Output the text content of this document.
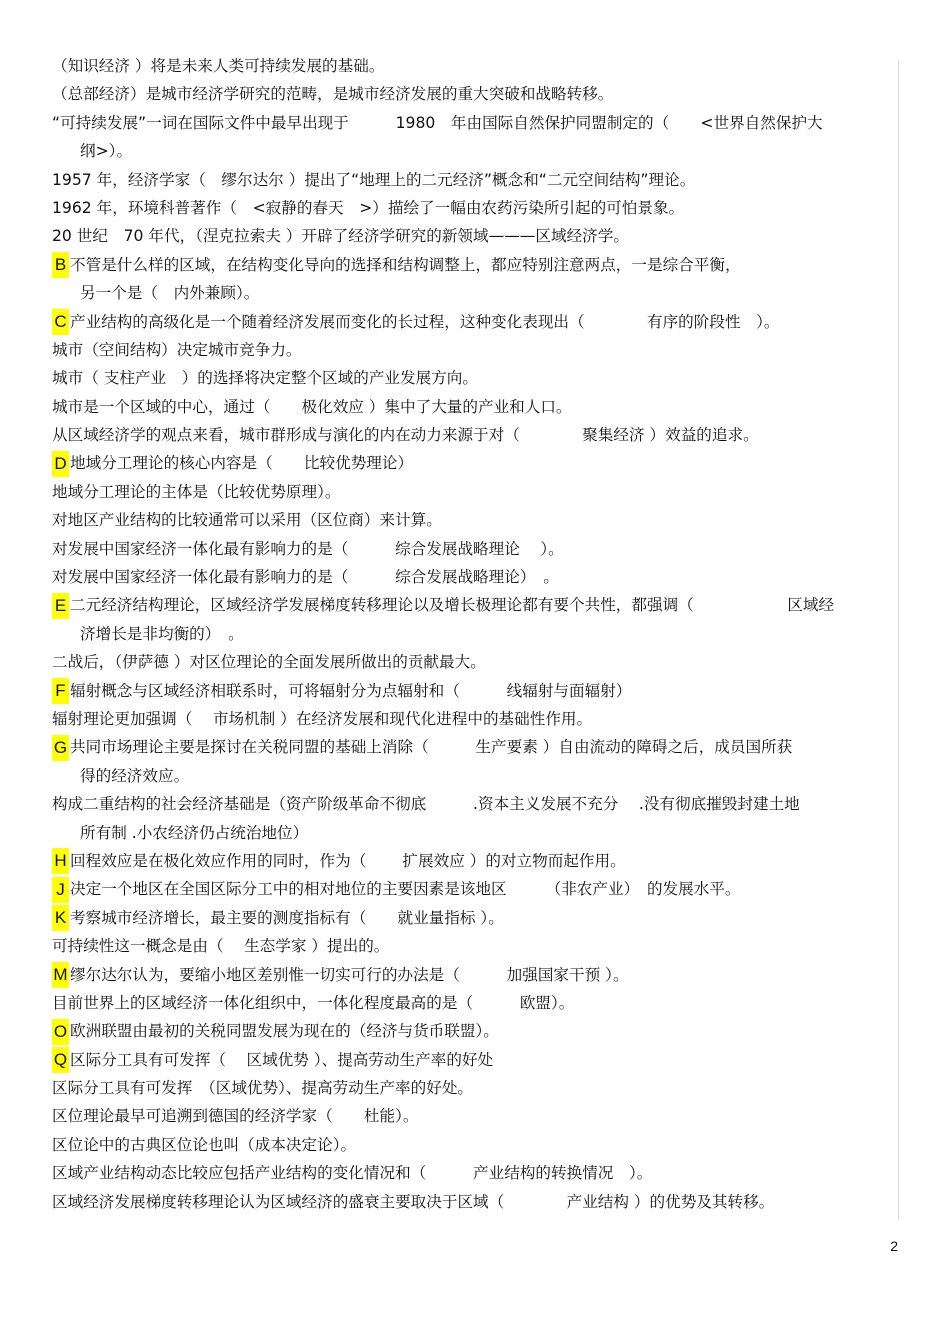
（知识经济 ）将是未来人类可持续发展的基础。
（总部经济）是城市经济学研究的范畴，是城市经济发展的重大突破和战略转移。
“可持续发展”一词在国际文件中最早出现于　　　1980　年由国际自然保护同盟制定的（　　<世界自然保护大
纲>）。
1957 年，经济学家（　缪尔达尔 ）提出了“地理上的二元经济”概念和“二元空间结构”理论。
1962 年，环境科普著作（　<寂静的春天　>）描绘了一幅由农药污染所引起的可怕景象。
20 世纪　70 年代，（涅克拉索夫 ）开辟了经济学研究的新领域———区域经济学。
B 不管是什么样的区域，在结构变化导向的选择和结构调整上，都应特别注意两点，一是综合平衡，
另一个是（　内外兼顾）。
C 产业结构的高级化是一个随着经济发展而变化的长过程，这种变化表现出（　　　　有序的阶段性　）。
城市（空间结构）决定城市竞争力。
城市（ 支柱产业　）的选择将决定整个区域的产业发展方向。
城市是一个区域的中心，通过（　　极化效应 ）集中了大量的产业和人口。
从区域经济学的观点来看，城市群形成与演化的内在动力来源于对（　　　　聚集经济 ）效益的追求。
D 地域分工理论的核心内容是（　　比较优势理论）
地域分工理论的主体是（比较优势原理）。
对地区产业结构的比较通常可以采用（区位商）来计算。
对发展中国家经济一体化最有影响力的是（　　　综合发展战略理论　 ）。
对发展中国家经济一体化最有影响力的是（　　　综合发展战略理论）　。
E 二元经济结构理论，区域经济学发展梯度转移理论以及增长极理论都有要个共性，都强调（　　　　　　区域经
济增长是非均衡的）　。
二战后，（伊萨德 ）对区位理论的全面发展所做出的贡献最大。
F 辐射概念与区域经济相联系时，可将辐射分为点辐射和（　　　线辐射与面辐射）
辐射理论更加强调（　 市场机制 ）在经济发展和现代化进程中的基础性作用。
G 共同市场理论主要是探讨在关税同盟的基础上消除（　　　生产要素 ）自由流动的障碍之后，成员国所获
得的经济效应。
构成二重结构的社会经济基础是（资产阶级革命不彻底　　　.资本主义发展不充分　 .没有彻底摧毁封建土地
所有制 .小农经济仍占统治地位）
H 回程效应是在极化效应作用的同时，作为（　　 扩展效应 ）的对立物而起作用。
J 决定一个地区在全国区际分工中的相对地位的主要因素是该地区　　　（非农产业）　的发展水平。
K 考察城市经济增长，最主要的测度指标有（　　就业量指标 ）。
可持续性这一概念是由（　 生态学家 ）提出的。
M 缪尔达尔认为，要缩小地区差别惟一切实可行的办法是（　　　加强国家干预 ）。
目前世界上的区域经济一体化组织中，一体化程度最高的是（　　　欧盟）。
O 欧洲联盟由最初的关税同盟发展为现在的（经济与货币联盟）。
Q 区际分工具有可发挥（　 区域优势 ）、提高劳动生产率的好处
区际分工具有可发挥　（区域优势）、提高劳动生产率的好处。
区位理论最早可追溯到德国的经济学家（　　杜能）。
区位论中的古典区位论也叫（成本决定论）。
区域产业结构动态比较应包括产业结构的变化情况和（　　　产业结构的转换情况　）。
区域经济发展梯度转移理论认为区域经济的盛衰主要取决于区域（　　　　产业结构 ）的优势及其转移。
2
